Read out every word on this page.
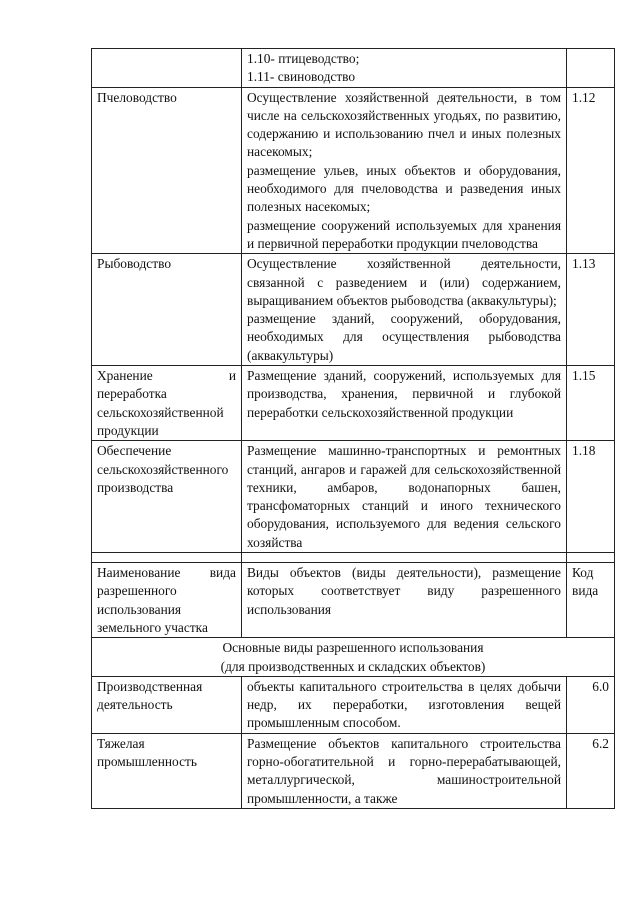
	1.10- птицеводство;
1.11- свиноводство	

Пчеловодство	Осуществление хозяйственной деятельности, в том числе на сельскохозяйственных угодьях, по развитию, содержанию и использованию пчел и иных полезных насекомых;
размещение ульев, иных объектов и оборудования, необходимого для пчеловодства и разведения иных полезных насекомых;
размещение сооружений используемых для хранения и первичной переработки продукции пчеловодства	1.12
Рыбоводство	Осуществление хозяйственной деятельности, связанной с разведением и (или) содержанием, выращиванием объектов рыбоводства (аквакультуры);
размещение зданий, сооружений, оборудования, необходимых для осуществления рыбоводства (аквакультуры)	1.13
Хранение и переработка сельскохозяйственной продукции	Размещение зданий, сооружений, используемых для производства, хранения, первичной и глубокой переработки сельскохозяйственной продукции	1.15
Обеспечение сельскохозяйственного производства	Размещение машинно-транспортных и ремонтных станций, ангаров и гаражей для сельскохозяйственной техники, амбаров, водонапорных башен, трансфоматорных станций и иного технического оборудования, используемого для ведения сельского хозяйства	1.18

Наименование вида разрешенного использования земельного участка	Виды объектов (виды деятельности), размещение которых соответствует виду разрешенного использования	Код вида

Основные виды разрешенного использования
(для производственных и складских объектов)		

Производственная деятельность	объекты капитального строительства в целях добычи недр, их переработки, изготовления вещей промышленным способом.	6.0
Тяжелая промышленность	Размещение объектов капитального строительства горно-обогатительной и горно-перерабатывающей, металлургической, машиностроительной промышленности, а также	6.2
